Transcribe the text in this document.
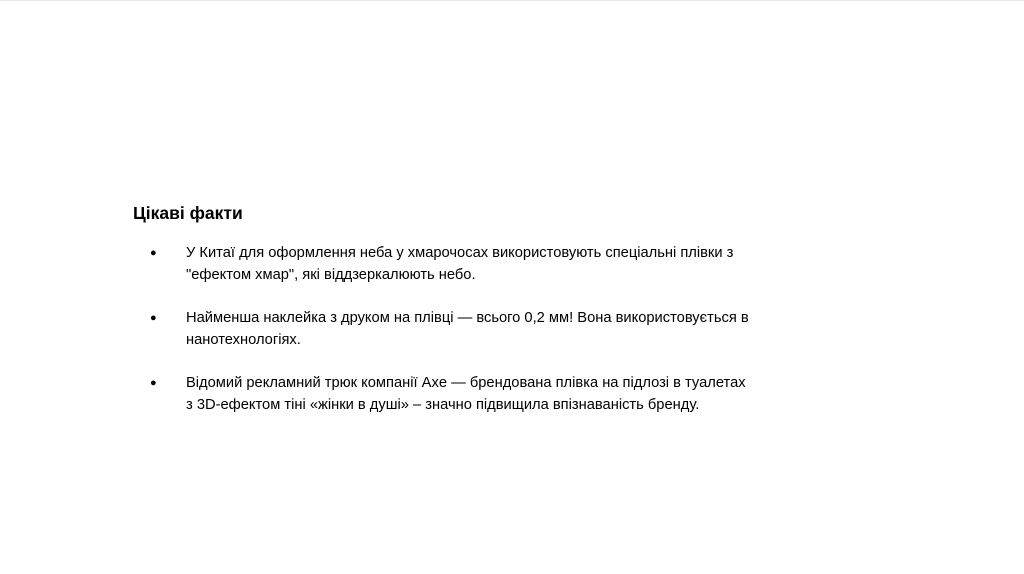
Цікаві факти
● У Китаї для оформлення неба у хмарочосах використовують спеціальні плівки з
"ефектом хмар", які віддзеркалюють небо.
● Найменша наклейка з друком на плівці — всього 0,2 мм! Вона використовується в
нанотехнологіях.
● Відомий рекламний трюк компанії Axe — брендована плівка на підлозі в туалетах
з 3D-ефектом тіні «жінки в душі» – значно підвищила впізнаваність бренду.
